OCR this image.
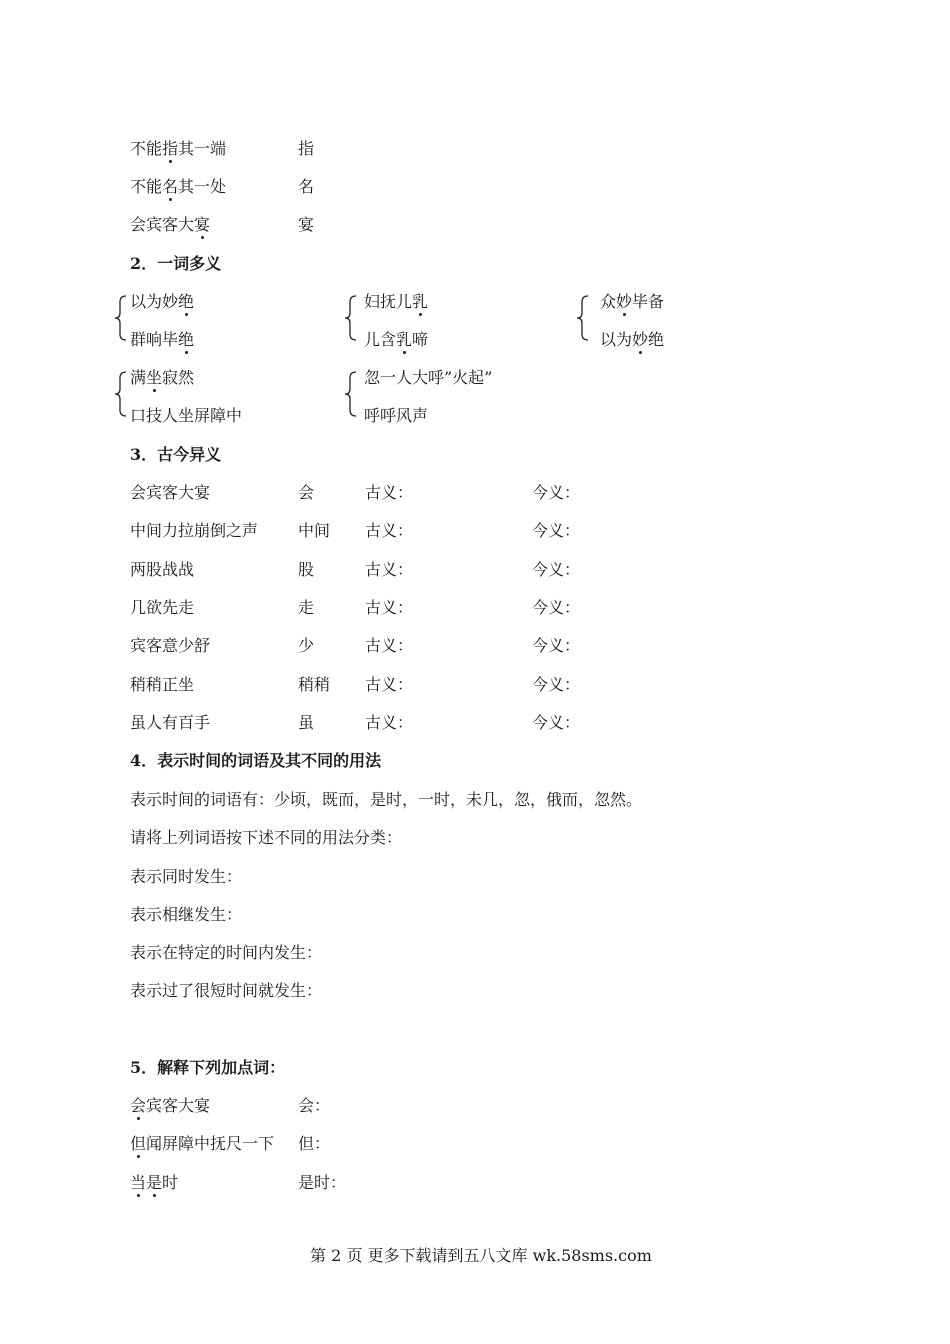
不能指其一端	指
不能名其一处	名
会宾客大宴	宴
2．一词多义
以为妙绝
群响毕绝
妇抚儿乳
儿含乳啼
众妙毕备
以为妙绝
满坐寂然
口技人坐屏障中
忽一人大呼”火起”
呼呼风声
3．古今异义
会宾客大宴	会	古义：	今义：
中间力拉崩倒之声 中间 古义：	今义：
两股战战	股	古义：	今义：
几欲先走	走	古义：	今义：
宾客意少舒	少	古义：	今义：
稍稍正坐	稍稍 古义：	今义：
虽人有百手	虽	古义：	今义：
4．表示时间的词语及其不同的用法
表示时间的词语有：少顷，既而，是时，一时，未几，忽，俄而，忽然。
请将上列词语按下述不同的用法分类：
表示同时发生：
表示相继发生：
表示在特定的时间内发生：
表示过了很短时间就发生：
5．解释下列加点词：
会宾客大宴	会：
但闻屏障中抚尺一下 但：
当是时	是时：
第 2 页 更多下载请到五八文库 wk.58sms.com
